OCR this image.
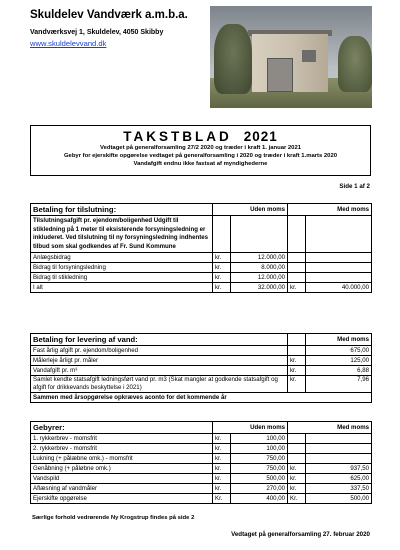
Skuldelev Vandværk a.m.b.a.
Vandværksvej 1, Skuldelev, 4050 Skibby
www.skuldelevvand.dk
TAKSTBLAD 2021
Vedtaget på generalforsamling 27/2 2020 og træder i kraft 1. januar 2021
Gebyr for ejerskifte opgørelse vedtaget på generalforsamling i 2020 og træder i kraft 1.marts 2020
Vandafgift endnu ikke fastsat af myndighederne
Side 1 af 2
Betaling for tilslutning:	Uden moms		Med moms	
Tilslutningsafgift pr. ejendom/boligenhed Udgift til stikledning på 1 meter til eksisterende forsyningsledning er inkluderet. Ved tilslutning til ny forsyningsledning indhentes tilbud som skal godkendes af Fr. Sund Kommune				
Anlægsbidrag	kr.	12.000,00		
Bidrag til forsyningsledning	kr.	8.000,00		
Bidrag til stikledning	kr.	12.000,00		
I alt	kr.	32.000,00	kr.	40.000,00
Betaling for levering af vand:		Med moms
Fast årlig afgift pr. ejendom/boligenhed		675,00
Målerleje årligt pr. måler	kr.	125,00
Vandafgift pr. m³	kr.	6,88
Samlet kendte statsafgift ledningsført vand pr. m3 (Skat mangler at godkende statsafgift og afgift for drikkevands beskyttelse i 2021)	kr.	7,96
Sammen med årsopgørelse opkræves aconto for det kommende år		
Gebyrer:	Uden moms		Med moms	
1. rykkerbrev - momsfrit	kr.	100,00		
2. rykkerbrev - momsfrit	kr.	100,00		
Lukning (+ pålæbne omk.) - momsfrit	kr.	750,00		
Genåbning (+ påløbne omk.)	kr.	750,00	kr.	937,50
Vandspild	kr.	500,00	kr.	625,00
Aflæsning af vandmåler	kr.	270,00	kr.	337,50
Ejerskifte opgørelse	Kr.	400,00	Kr.	500,00
Særlige forhold vedrørende Ny Krogstrup findes på side 2
Vedtaget på generalforsamling 27. februar 2020
